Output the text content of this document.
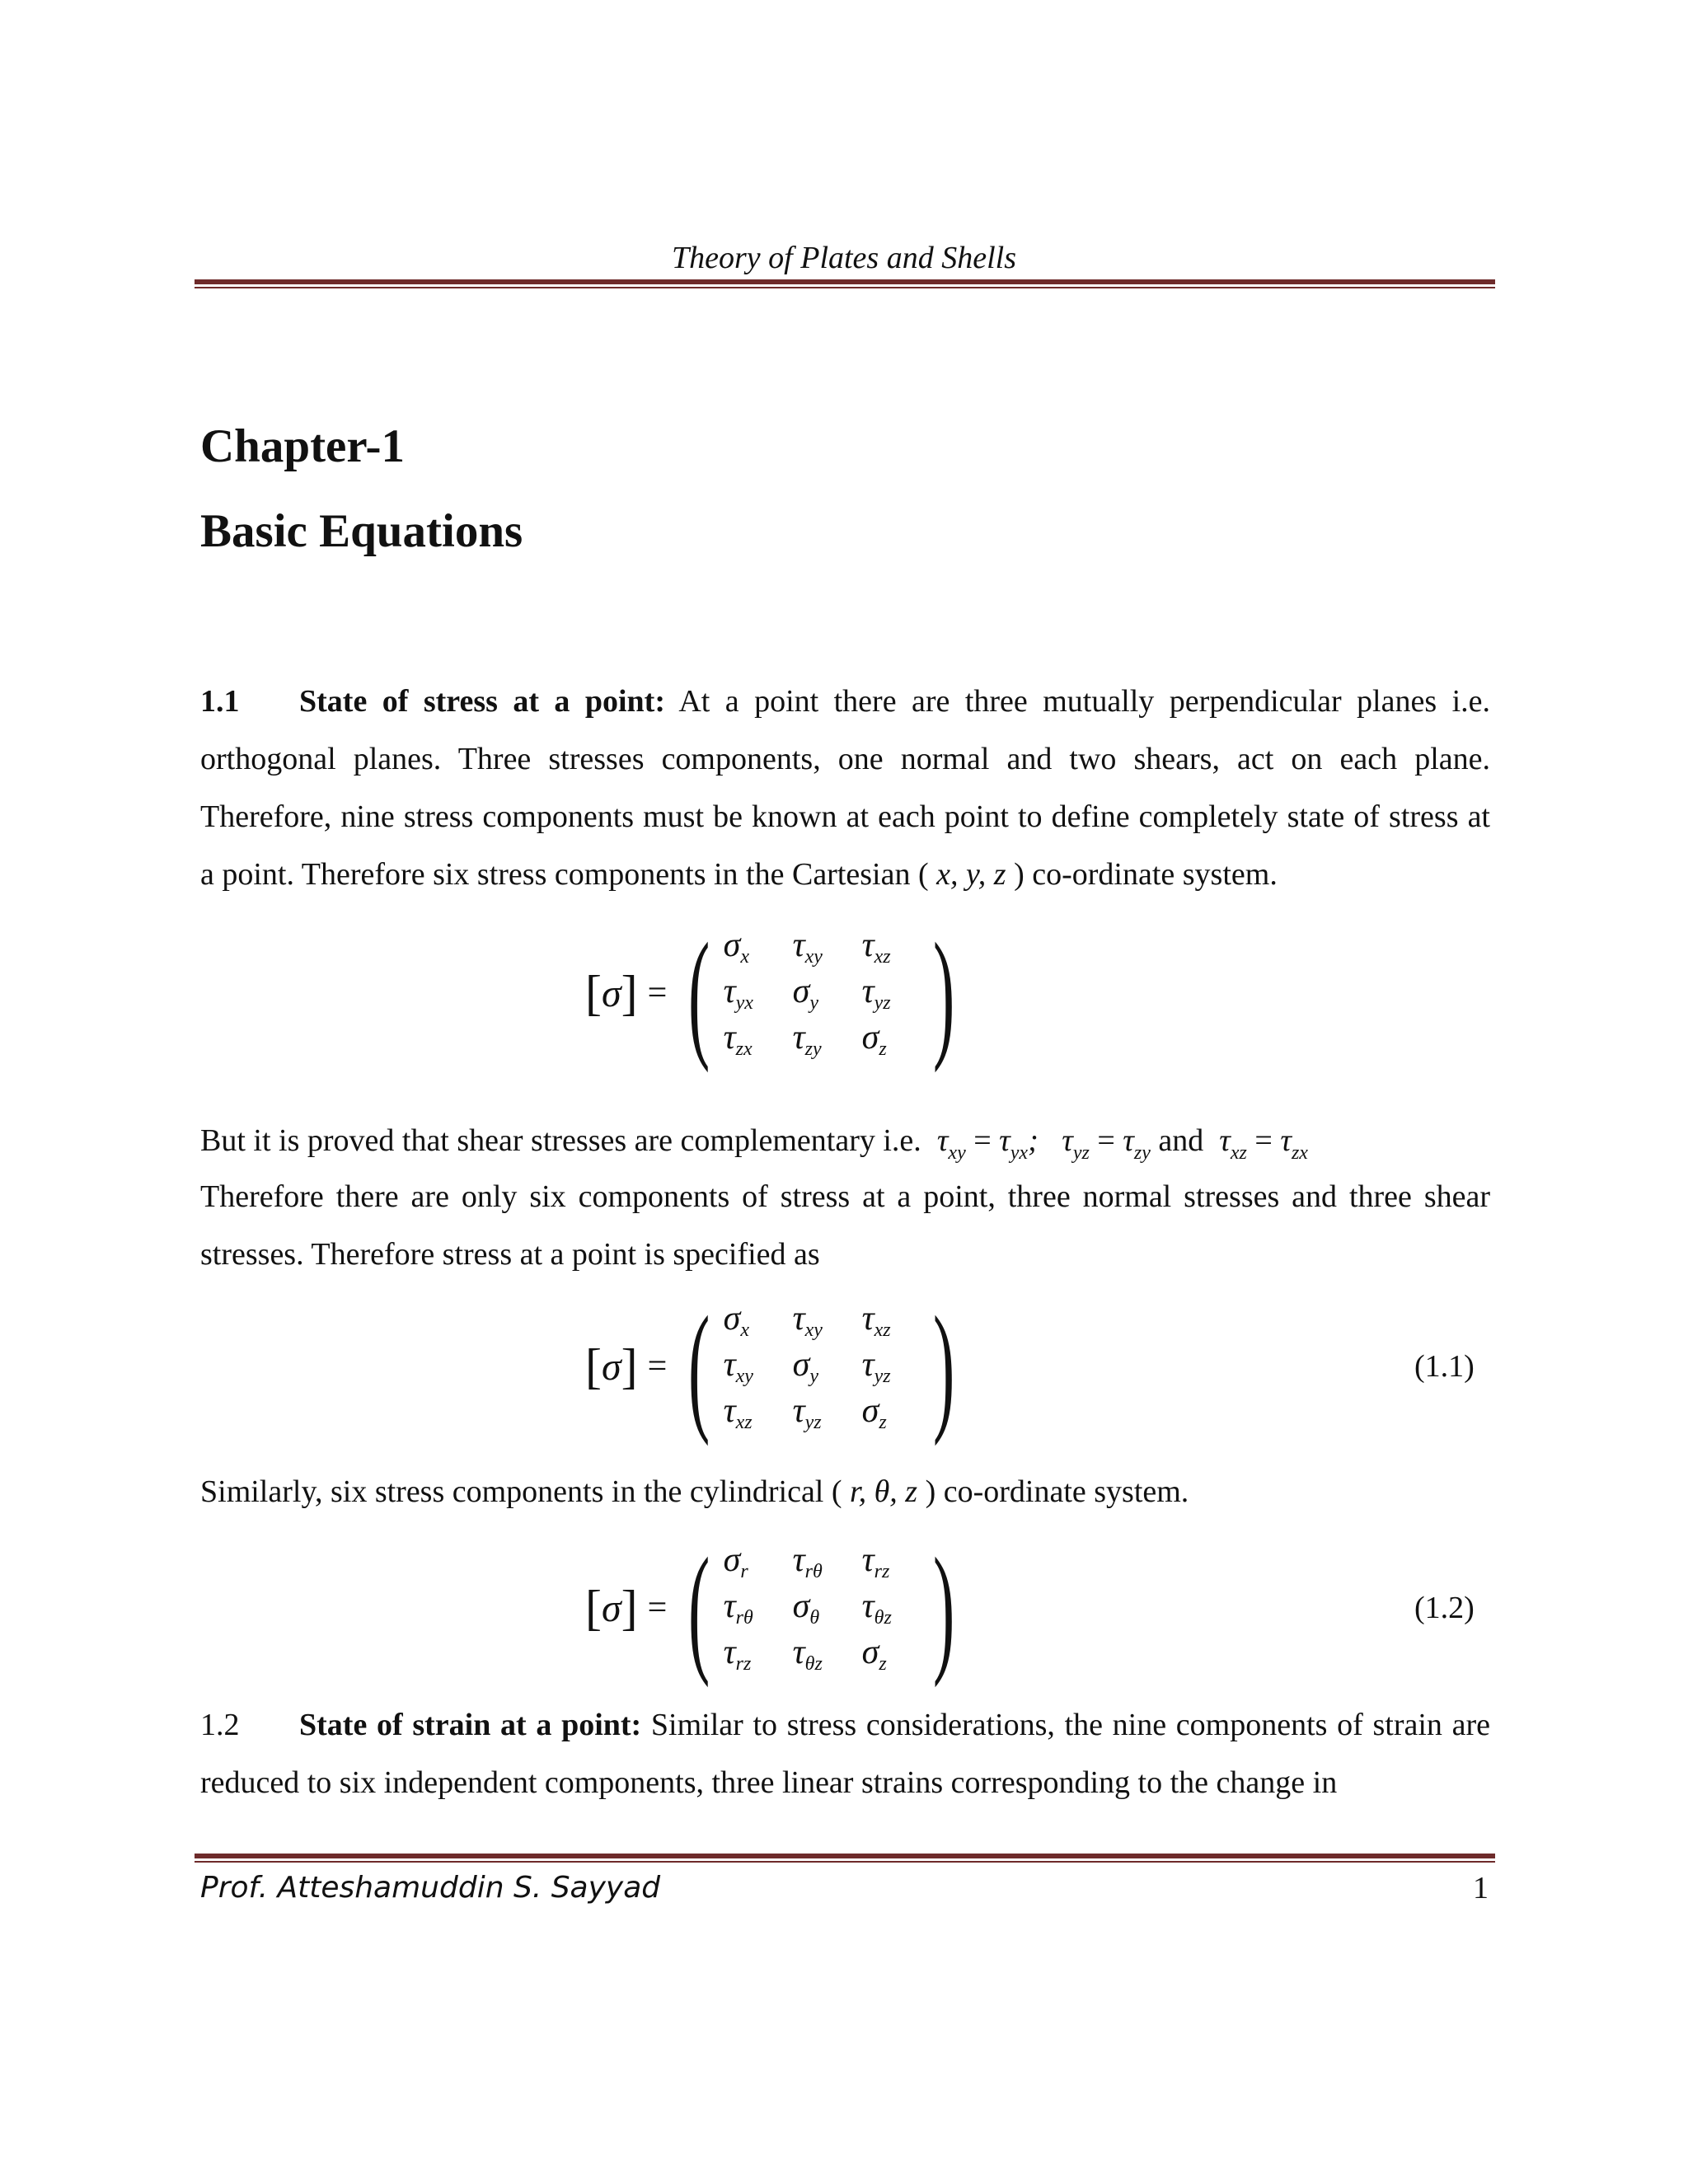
Theory of Plates and Shells
Chapter-1
Basic Equations
1.1 State of stress at a point: At a point there are three mutually perpendicular planes i.e. orthogonal planes. Three stresses components, one normal and two shears, act on each plane. Therefore, nine stress components must be known at each point to define completely state of stress at a point. Therefore six stress components in the Cartesian ( x, y, z ) co-ordinate system.
[ σ ] = ( $\sigma_x$	$\tau_{xy}$	$\tau_{xz}$
$\tau_{yx}$	$\sigma_y$	$\tau_{yz}$
$\tau_{zx}$	$\tau_{zy}$	$\sigma_z$ )
But it is proved that shear stresses are complementary i.e. $\tau_{xy} = \tau_{yx}$; $\tau_{yz} = \tau_{zy}$ and $\tau_{xz} = \tau_{zx}$
Therefore there are only six components of stress at a point, three normal stresses and three shear stresses. Therefore stress at a point is specified as
[ σ ] = ( $\sigma_x$	$\tau_{xy}$	$\tau_{xz}$
$\tau_{xy}$	$\sigma_y$	$\tau_{yz}$
$\tau_{xz}$	$\tau_{yz}$	$\sigma_z$ )	(1.1)
Similarly, six stress components in the cylindrical ( r, θ, z ) co-ordinate system.
[ σ ] = ( $\sigma_r$	$\tau_{r\theta}$	$\tau_{rz}$
$\tau_{r\theta}$	$\sigma_\theta$	$\tau_{\theta z}$
$\tau_{rz}$	$\tau_{\theta z}$	$\sigma_z$ )	(1.2)
1.2 State of strain at a point: Similar to stress considerations, the nine components of strain are reduced to six independent components, three linear strains corresponding to the change in
Prof. Atteshamuddin S. Sayyad	1
